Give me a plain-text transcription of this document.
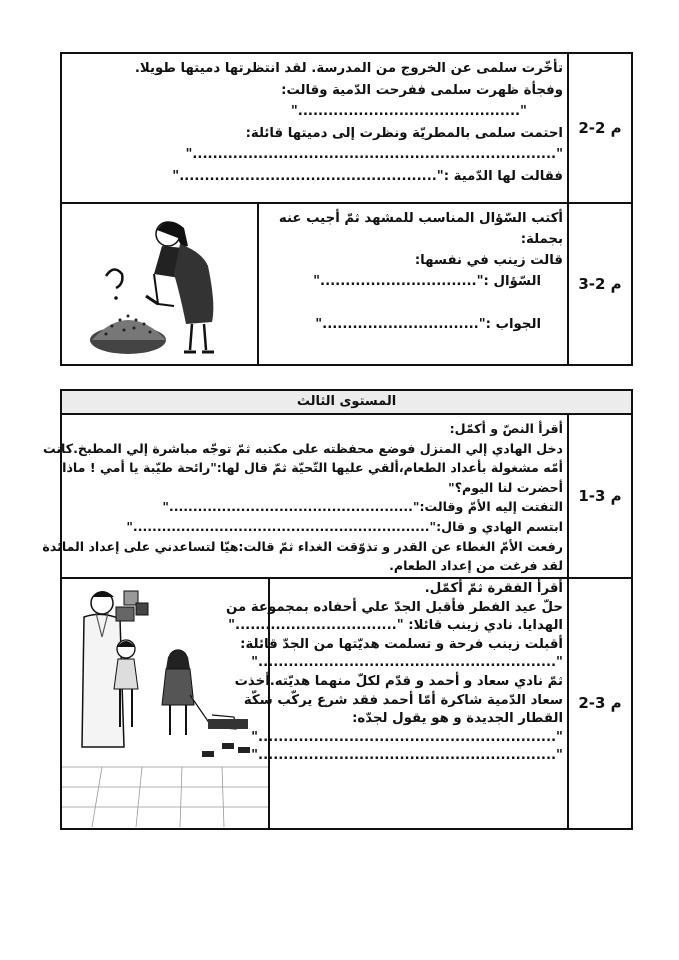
م 2-2
تأخّرت سلمى عن الخروج من المدرسة. لقد انتظرتها دميتها طويلا.
وفجأة ظهرت سلمى ففرحت الدّمية وقالت:
"............................................"
احتمت سلمى بالمطريّة ونظرت إلى دميتها قائلة:
"........................................................................"
فقالت لها الدّمية :"..................................................."
م 2-3
أكتب السّؤال المناسب للمشهد ثمّ أجيب عنه
بجملة:
قالت زينب في نفسها:
السّؤال :"..............................."
الجواب :"..............................."
المستوى الثالث
م 3-1
أقرأ النصّ و أكمّل:
دخل الهادي إلي المنزل فوضع محفظته على مكتبه ثمّ توجّه مباشرة إلي المطبخ.كانت
أمّه مشغولة بأعداد الطعام،ألقي عليها التّحيّة ثمّ قال لها:"رائحة طيّبة يا أمي ! ماذا
أحضرت لنا اليوم؟"
التفتت إليه الأمّ وقالت:"..................................................."
ابتسم الهادي و قال:".............................................................."
رفعت الأمّ الغطاء عن القدر و تذوّقت الغداء ثمّ قالت:هيّا لتساعدني على إعداد المائدة
لقد فرغت من إعداد الطعام.
م 3-2
أقرأ الفقرة ثمّ أكمّل.
حلّ عيد الفطر فأقبل الجدّ علي أحفاده بمجموعة من
الهدايا. نادي زينب قائلا: "................................"
أقبلت زينب فرحة و تسلمت هديّتها من الجدّ قائلة:
"..........................................................."
ثمّ نادي سعاد و أحمد و قدّم لكلّ منهما هديّته.أخذت
سعاد الدّمية شاكرة أمّا أحمد فقد شرع يركّب سكّة
القطار الجديدة و هو يقول لجدّه:
"..........................................................."
"..........................................................."
